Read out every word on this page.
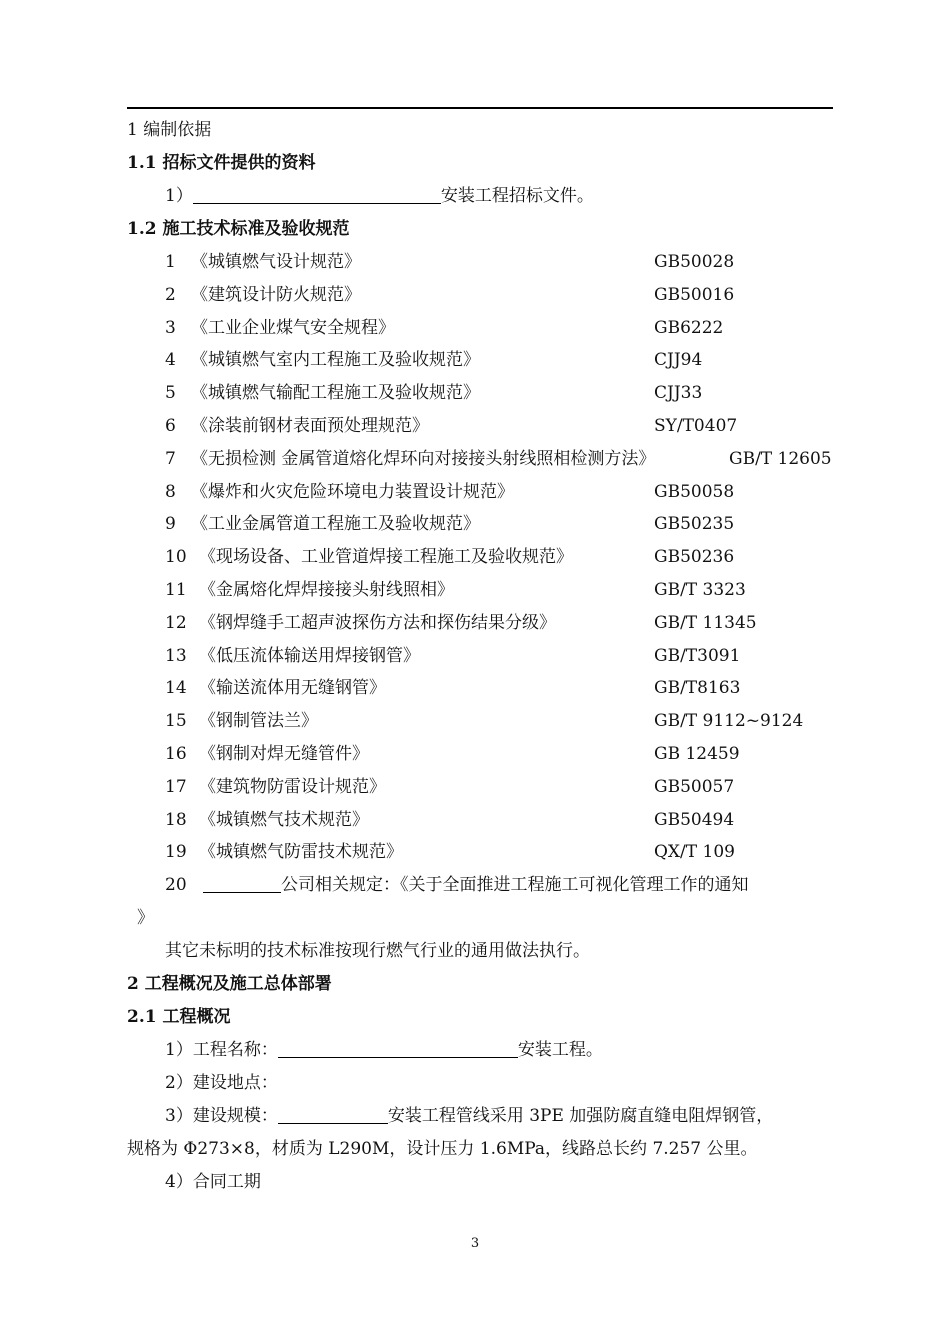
1 编制依据
1.1 招标文件提供的资料
1）	安装工程招标文件。
1.2 施工技术标准及验收规范
1 《城镇燃气设计规范》	GB50028
2 《建筑设计防火规范》	GB50016
3 《工业企业煤气安全规程》	GB6222
4 《城镇燃气室内工程施工及验收规范》	CJJ94
5 《城镇燃气输配工程施工及验收规范》	CJJ33
6 《涂装前钢材表面预处理规范》	SY/T0407
7 《无损检测 金属管道熔化焊环向对接接头射线照相检测方法》	GB/T 12605
8 《爆炸和火灾危险环境电力装置设计规范》	GB50058
9 《工业金属管道工程施工及验收规范》	GB50235
10 《现场设备、工业管道焊接工程施工及验收规范》	GB50236
11 《金属熔化焊焊接接头射线照相》	GB/T 3323
12 《钢焊缝手工超声波探伤方法和探伤结果分级》	GB/T 11345
13 《低压流体输送用焊接钢管》	GB/T3091
14 《输送流体用无缝钢管》	GB/T8163
15 《钢制管法兰》	GB/T 9112~9124
16 《钢制对焊无缝管件》	GB 12459
17 《建筑物防雷设计规范》	GB50057
18 《城镇燃气技术规范》	GB50494
19 《城镇燃气防雷技术规范》	QX/T 109
20	公司相关规定：《关于全面推进工程施工可视化管理工作的通知
》
其它未标明的技术标准按现行燃气行业的通用做法执行。
2 工程概况及施工总体部署
2.1 工程概况
1）工程名称：	安装工程。
2）建设地点：
3）建设规模：	安装工程管线采用 3PE 加强防腐直缝电阻焊钢管，
规格为 Φ273×8，材质为 L290M，设计压力 1.6MPa，线路总长约 7.257 公里。
4）合同工期
3
